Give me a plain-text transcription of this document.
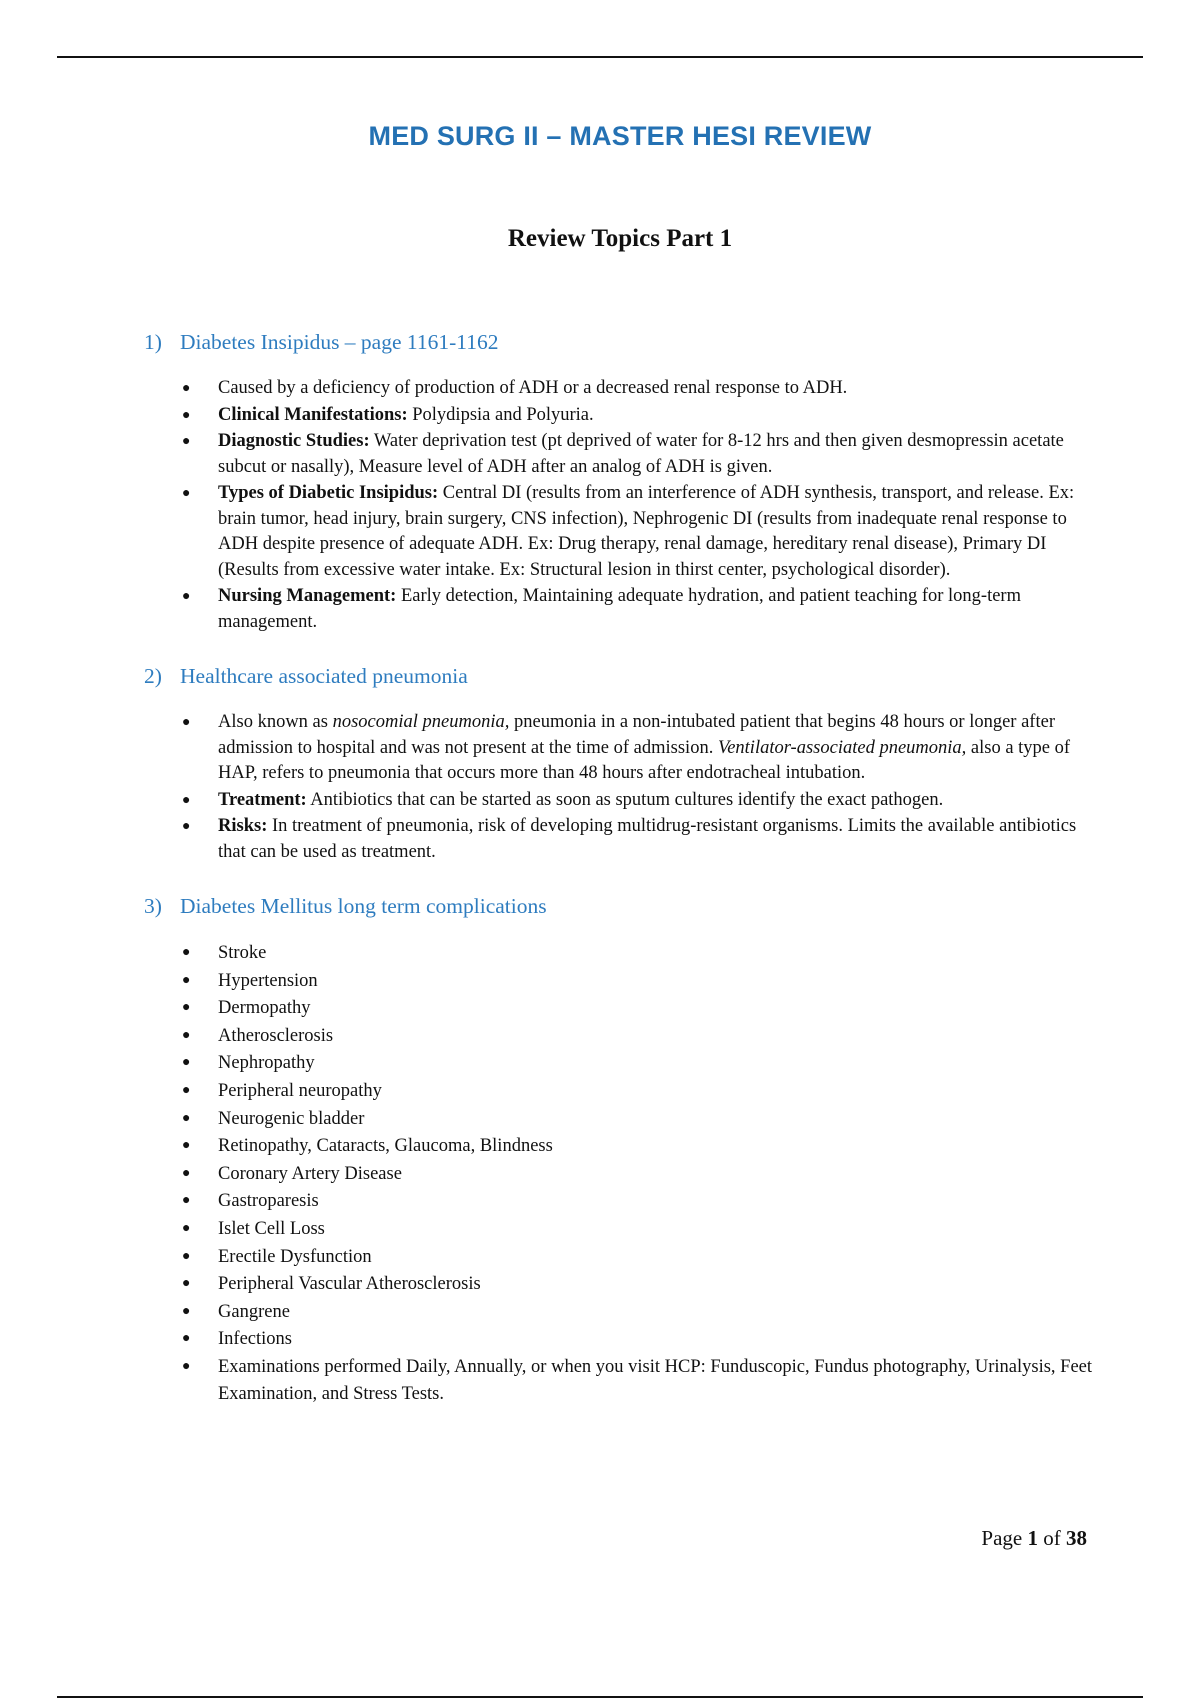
MED SURG II – MASTER HESI REVIEW
Review Topics Part 1
1) Diabetes Insipidus – page 1161-1162
● Caused by a deficiency of production of ADH or a decreased renal response to ADH.
● Clinical Manifestations: Polydipsia and Polyuria.
● Diagnostic Studies: Water deprivation test (pt deprived of water for 8-12 hrs and then given desmopressin acetate subcut or nasally), Measure level of ADH after an analog of ADH is given.
● Types of Diabetic Insipidus: Central DI (results from an interference of ADH synthesis, transport, and release. Ex: brain tumor, head injury, brain surgery, CNS infection), Nephrogenic DI (results from inadequate renal response to ADH despite presence of adequate ADH. Ex: Drug therapy, renal damage, hereditary renal disease), Primary DI (Results from excessive water intake. Ex: Structural lesion in thirst center, psychological disorder).
● Nursing Management: Early detection, Maintaining adequate hydration, and patient teaching for long-term management.
2) Healthcare associated pneumonia
● Also known as nosocomial pneumonia, pneumonia in a non-intubated patient that begins 48 hours or longer after admission to hospital and was not present at the time of admission. Ventilator-associated pneumonia, also a type of HAP, refers to pneumonia that occurs more than 48 hours after endotracheal intubation.
● Treatment: Antibiotics that can be started as soon as sputum cultures identify the exact pathogen.
● Risks: In treatment of pneumonia, risk of developing multidrug-resistant organisms. Limits the available antibiotics that can be used as treatment.
3) Diabetes Mellitus long term complications
● Stroke
● Hypertension
● Dermopathy
● Atherosclerosis
● Nephropathy
● Peripheral neuropathy
● Neurogenic bladder
● Retinopathy, Cataracts, Glaucoma, Blindness
● Coronary Artery Disease
● Gastroparesis
● Islet Cell Loss
● Erectile Dysfunction
● Peripheral Vascular Atherosclerosis
● Gangrene
● Infections
● Examinations performed Daily, Annually, or when you visit HCP: Funduscopic, Fundus photography, Urinalysis, Feet Examination, and Stress Tests.
Page 1 of 38
